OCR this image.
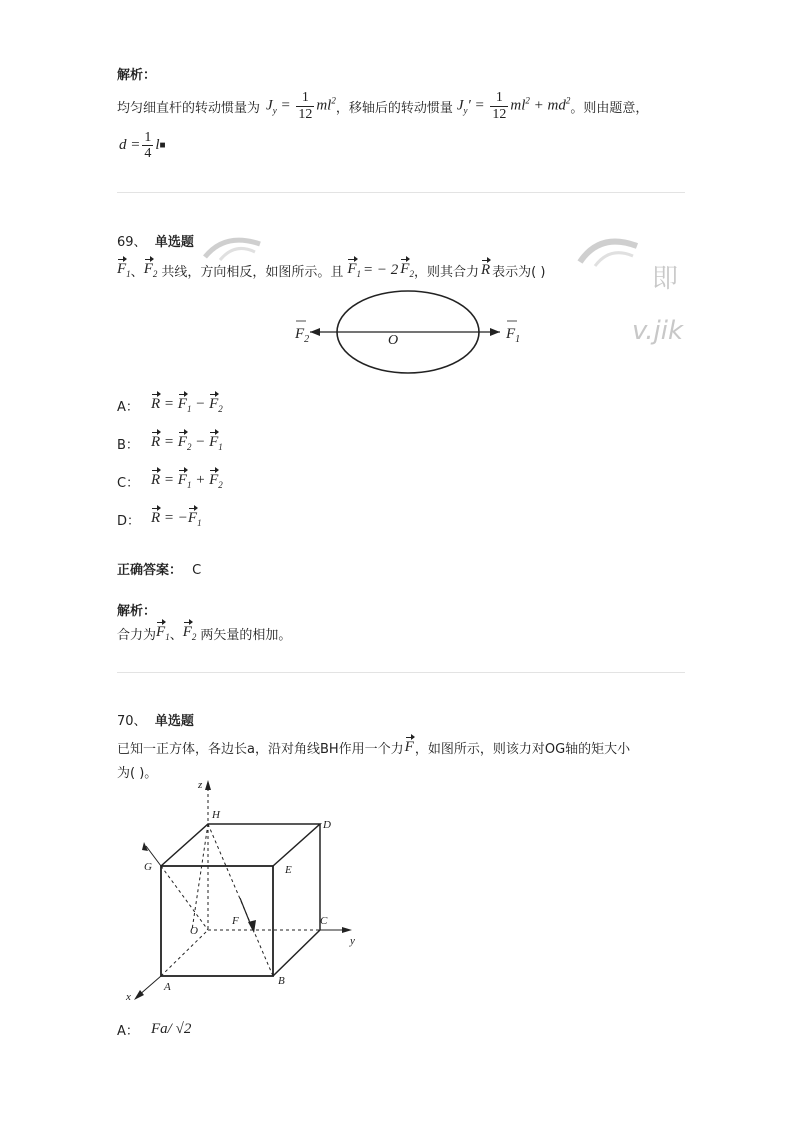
解析：
均匀细直杆的转动惯量为 $J_y = \frac{1}{12} ml^2$
，移轴后的转动惯量 $J_y' = \frac{1}{12} ml^2 + md^2$
。则由题意，
$d = \frac{1}{4}$ l ■
69、 单选题
即
v.jik
$F_1$ 、 $F_2$ 共线，方向相反，如图所示。且 $F_1$ = − 2 $F_2$ ，则其合力 R 表示为( )
$F_2$	O	$F_1$
A： $R = F_1 - F_2$
B： $R = F_2 - F_1$
C： $R = F_1 + F_2$
D： $R = -F_1$
正确答案： C
解析：
合力为 $F_1$ 、 $F_2$ 两矢量的相加。
70、 单选题
已知一正方体，各边长a，沿对角线BH作用一个力 F ，如图所示，则该力对OG轴的矩大小
为( )。
z
H
D
G	E
O
F	C
y
A	B
x
A： Fa/ √2
